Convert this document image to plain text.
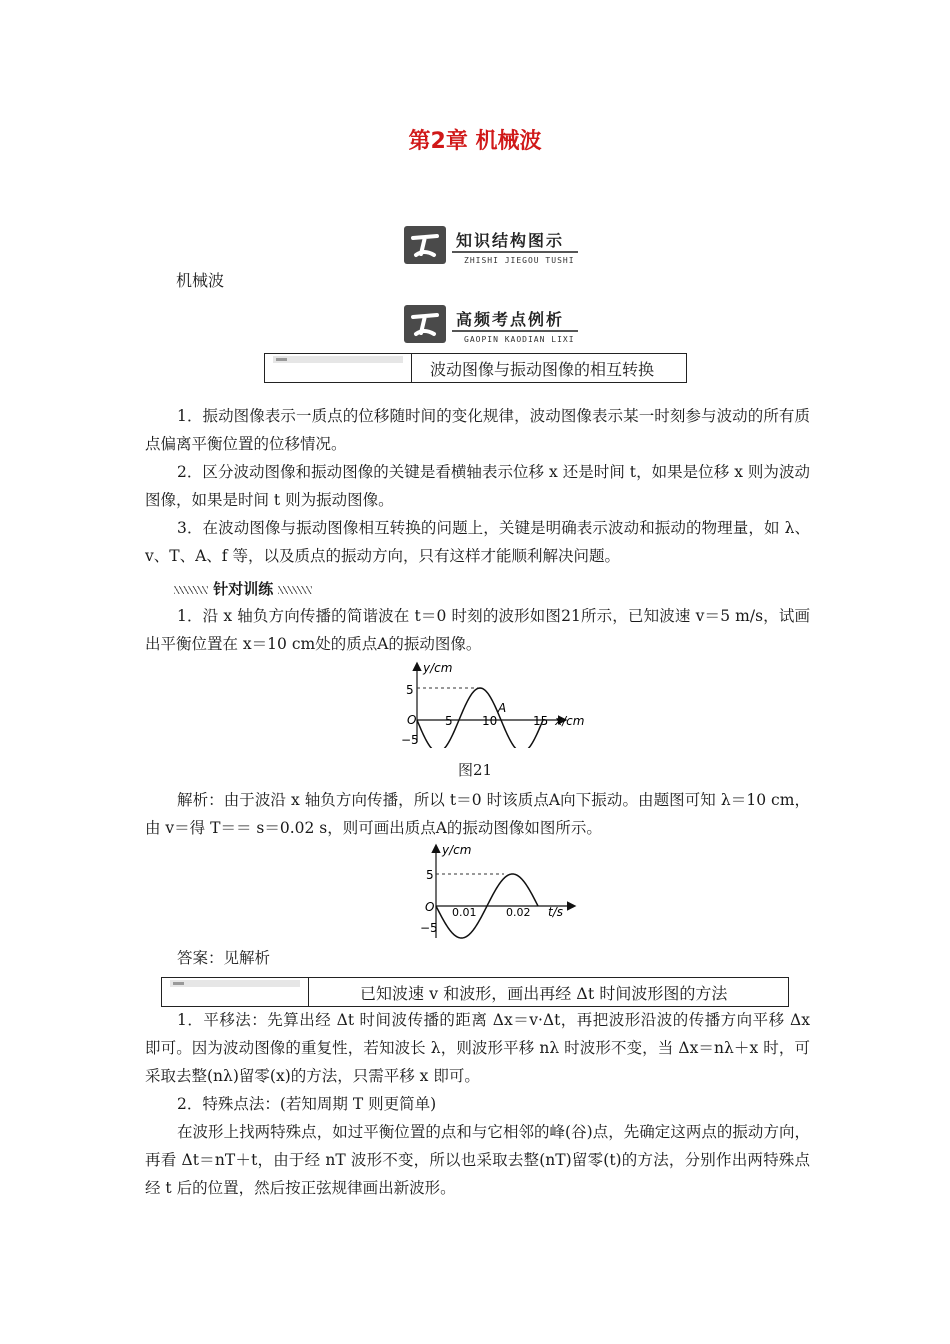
第2章 机械波
知识结构图示
ZHISHI JIEGOU TUSHI
机械波
高频考点例析
GAOPIN KAODIAN LIXI
波动图像与振动图像的相互转换
1．振动图像表示一质点的位移随时间的变化规律，波动图像表示某一时刻参与波动的所有质点偏离平衡位置的位移情况。
2．区分波动图像和振动图像的关键是看横轴表示位移 x 还是时间 t，如果是位移 x 则为波动图像，如果是时间 t 则为振动图像。
3．在波动图像与振动图像相互转换的问题上，关键是明确表示波动和振动的物理量，如 λ、v、T、A、f 等，以及质点的振动方向，只有这样才能顺利解决问题。
针对训练
1．沿 x 轴负方向传播的简谐波在 t＝0 时刻的波形如图21所示，已知波速 v＝5 m/s，试画出平衡位置在 x＝10 cm处的质点A的振动图像。
y/cm
x/cm
5
−5
O 5 10	15
A
图21
解析：由于波沿 x 轴负方向传播，所以 t＝0 时该质点A向下振动。由题图可知 λ＝10 cm，由 v＝得 T＝＝ s＝0.02 s，则可画出质点A的振动图像如图所示。
y/cm
t/s
5
−5
O 0.01	0.02
答案：见解析
已知波速 v 和波形，画出再经 Δt 时间波形图的方法
1．平移法：先算出经 Δt 时间波传播的距离 Δx＝v·Δt，再把波形沿波的传播方向平移 Δx 即可。因为波动图像的重复性，若知波长 λ，则波形平移 nλ 时波形不变，当 Δx＝nλ＋x 时，可采取去整(nλ)留零(x)的方法，只需平移 x 即可。
2．特殊点法：(若知周期 T 则更简单)
在波形上找两特殊点，如过平衡位置的点和与它相邻的峰(谷)点，先确定这两点的振动方向，再看 Δt＝nT＋t，由于经 nT 波形不变，所以也采取去整(nT)留零(t)的方法，分别作出两特殊点经 t 后的位置，然后按正弦规律画出新波形。
